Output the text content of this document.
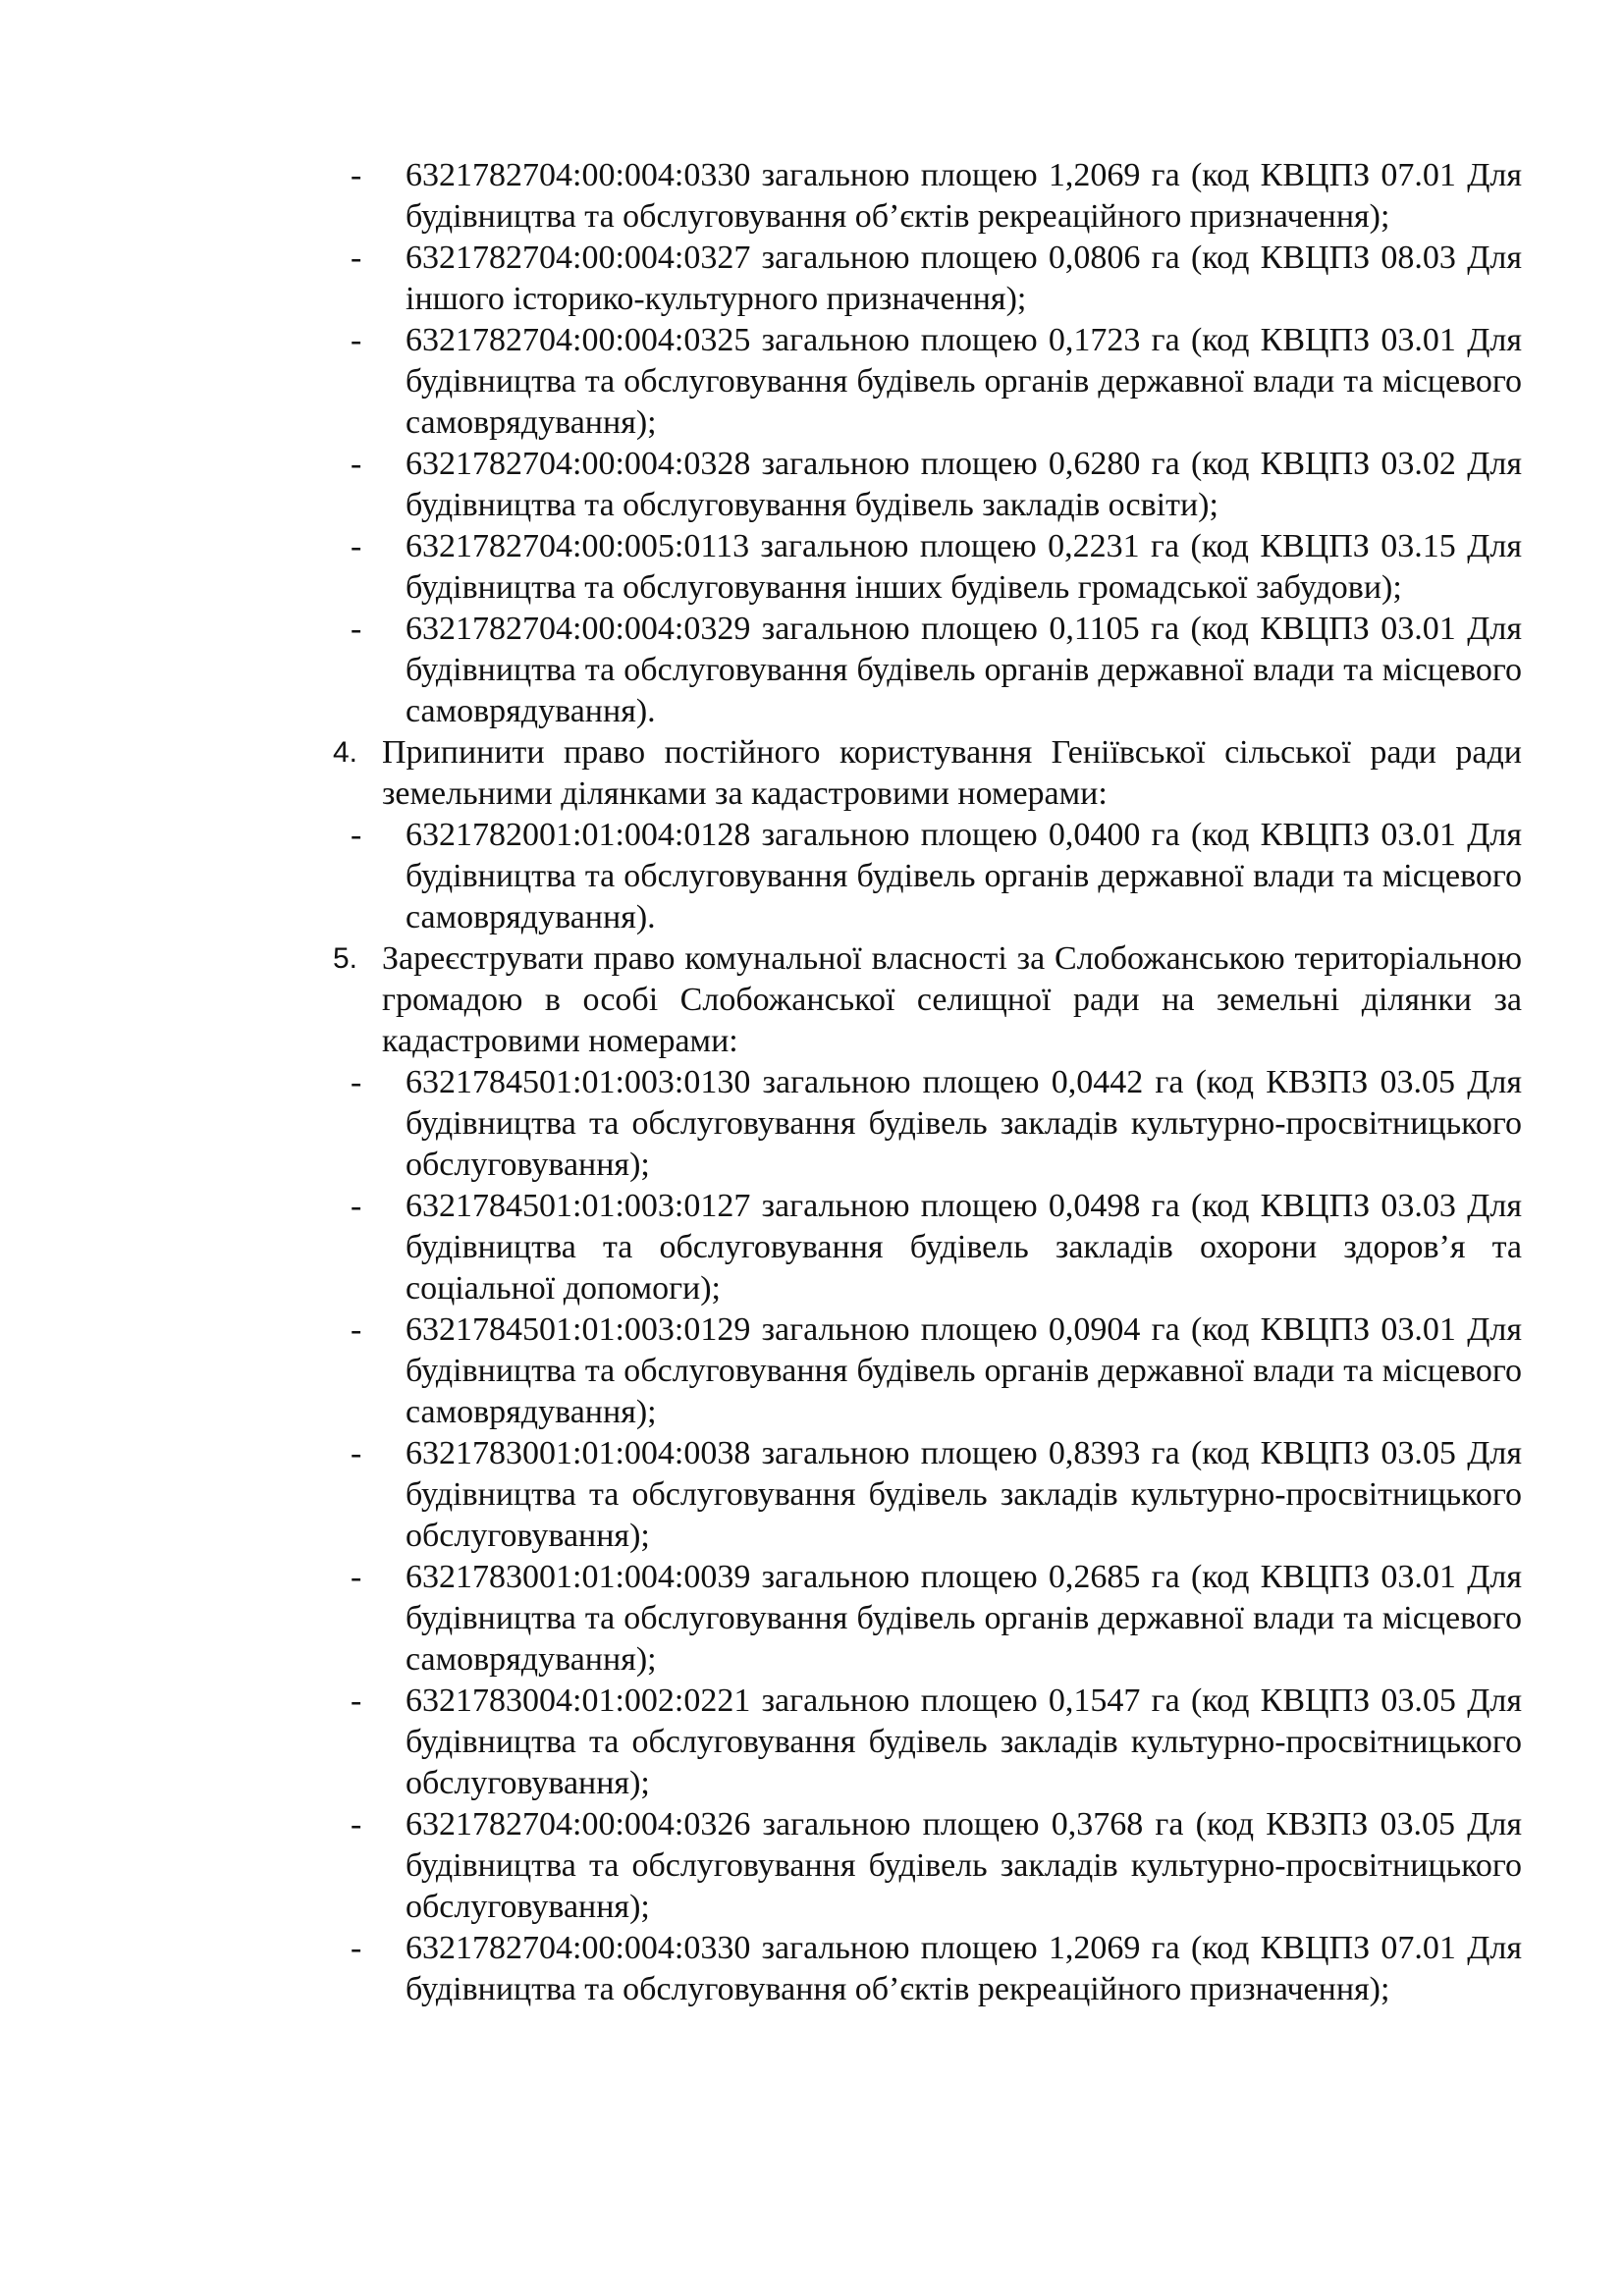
- 6321782704:00:004:0330 загальною площею 1,2069 га (код КВЦПЗ 07.01 Для будівництва та обслуговування об’єктів рекреаційного призначення);

- 6321782704:00:004:0327 загальною площею 0,0806 га (код КВЦПЗ 08.03 Для іншого історико-культурного призначення);

- 6321782704:00:004:0325 загальною площею 0,1723 га (код КВЦПЗ 03.01 Для будівництва та обслуговування будівель органів державної влади та місцевого самоврядування);

- 6321782704:00:004:0328 загальною площею 0,6280 га (код КВЦПЗ 03.02 Для будівництва та обслуговування будівель закладів освіти);

- 6321782704:00:005:0113 загальною площею 0,2231 га (код КВЦПЗ 03.15 Для будівництва та обслуговування інших будівель громадської забудови);

- 6321782704:00:004:0329 загальною площею 0,1105 га (код КВЦПЗ 03.01 Для будівництва та обслуговування будівель органів державної влади та місцевого самоврядування).

4. Припинити право постійного користування Геніївської сільської ради ради земельними ділянками за кадастровими номерами:

- 6321782001:01:004:0128 загальною площею 0,0400 га (код КВЦПЗ 03.01 Для будівництва та обслуговування будівель органів державної влади та місцевого самоврядування).

5. Зареєструвати право комунальної власності за Слобожанською територіальною громадою в особі Слобожанської селищної ради на земельні ділянки за кадастровими номерами:

- 6321784501:01:003:0130 загальною площею 0,0442 га (код КВЗПЗ 03.05 Для будівництва та обслуговування будівель закладів культурно-просвітницького обслуговування);

- 6321784501:01:003:0127 загальною площею 0,0498 га (код КВЦПЗ 03.03 Для будівництва та обслуговування будівель закладів охорони здоров’я та соціальної допомоги);

- 6321784501:01:003:0129 загальною площею 0,0904 га (код КВЦПЗ 03.01 Для будівництва та обслуговування будівель органів державної влади та місцевого самоврядування);

- 6321783001:01:004:0038 загальною площею 0,8393 га (код КВЦПЗ 03.05 Для будівництва та обслуговування будівель закладів культурно-просвітницького обслуговування);

- 6321783001:01:004:0039 загальною площею 0,2685 га (код КВЦПЗ 03.01 Для будівництва та обслуговування будівель органів державної влади та місцевого самоврядування);

- 6321783004:01:002:0221 загальною площею 0,1547 га (код КВЦПЗ 03.05 Для будівництва та обслуговування будівель закладів культурно-просвітницького обслуговування);

- 6321782704:00:004:0326 загальною площею 0,3768 га (код КВЗПЗ 03.05 Для будівництва та обслуговування будівель закладів культурно-просвітницького обслуговування);

- 6321782704:00:004:0330 загальною площею 1,2069 га (код КВЦПЗ 07.01 Для будівництва та обслуговування об’єктів рекреаційного призначення);
